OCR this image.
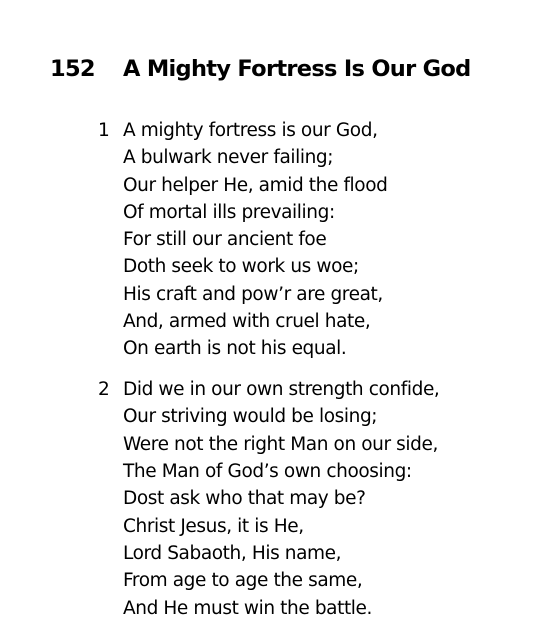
152 A Mighty Fortress Is Our God
1 A mighty fortress is our God,
A bulwark never failing;
Our helper He, amid the flood
Of mortal ills prevailing:
For still our ancient foe
Doth seek to work us woe;
His craft and pow’r are great,
And, armed with cruel hate,
On earth is not his equal.
2 Did we in our own strength confide,
Our striving would be losing;
Were not the right Man on our side,
The Man of God’s own choosing:
Dost ask who that may be?
Christ Jesus, it is He,
Lord Sabaoth, His name,
From age to age the same,
And He must win the battle.
